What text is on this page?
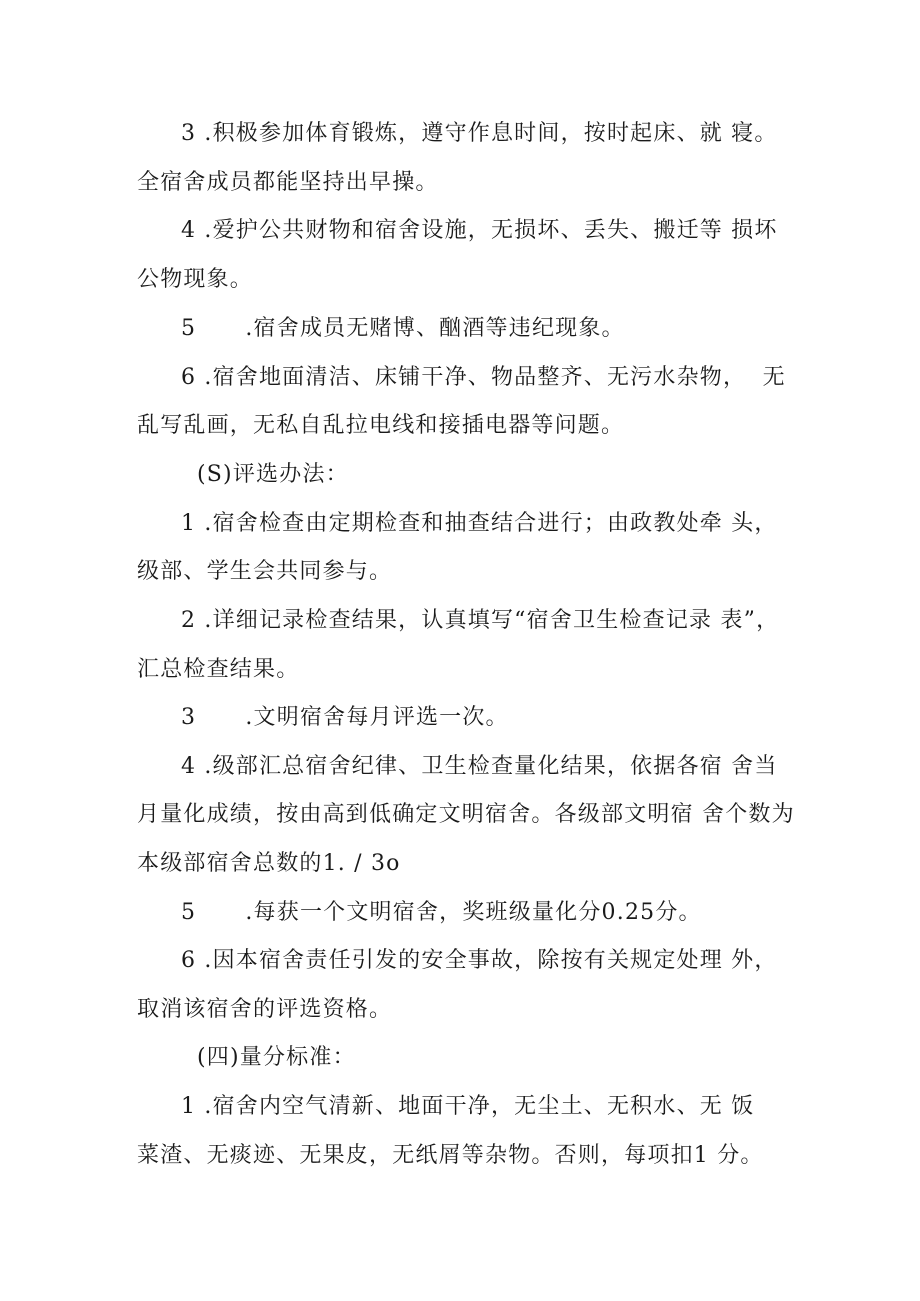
3 .积极参加体育锻炼，遵守作息时间，按时起床、就 寝。
全宿舍成员都能坚持出早操。
4 .爱护公共财物和宿舍设施，无损坏、丢失、搬迁等 损坏
公物现象。
5      .宿舍成员无赌博、酗酒等违纪现象。
6 .宿舍地面清洁、床铺干净、物品整齐、无污水杂物，  无
乱写乱画，无私自乱拉电线和接插电器等问题。
(S)评选办法：
1 .宿舍检查由定期检查和抽查结合进行；由政教处牵 头，
级部、学生会共同参与。
2 .详细记录检查结果，认真填写“宿舍卫生检查记录 表”，
汇总检查结果。
3      .文明宿舍每月评选一次。
4 .级部汇总宿舍纪律、卫生检查量化结果，依据各宿 舍当
月量化成绩，按由高到低确定文明宿舍。各级部文明宿 舍个数为
本级部宿舍总数的1. / 3o
5      .每获一个文明宿舍，奖班级量化分0.25分。
6 .因本宿舍责任引发的安全事故，除按有关规定处理 外，
取消该宿舍的评选资格。
(四)量分标准：
1 .宿舍内空气清新、地面干净，无尘土、无积水、无 饭
菜渣、无痰迹、无果皮，无纸屑等杂物。否则，每项扣1 分。
